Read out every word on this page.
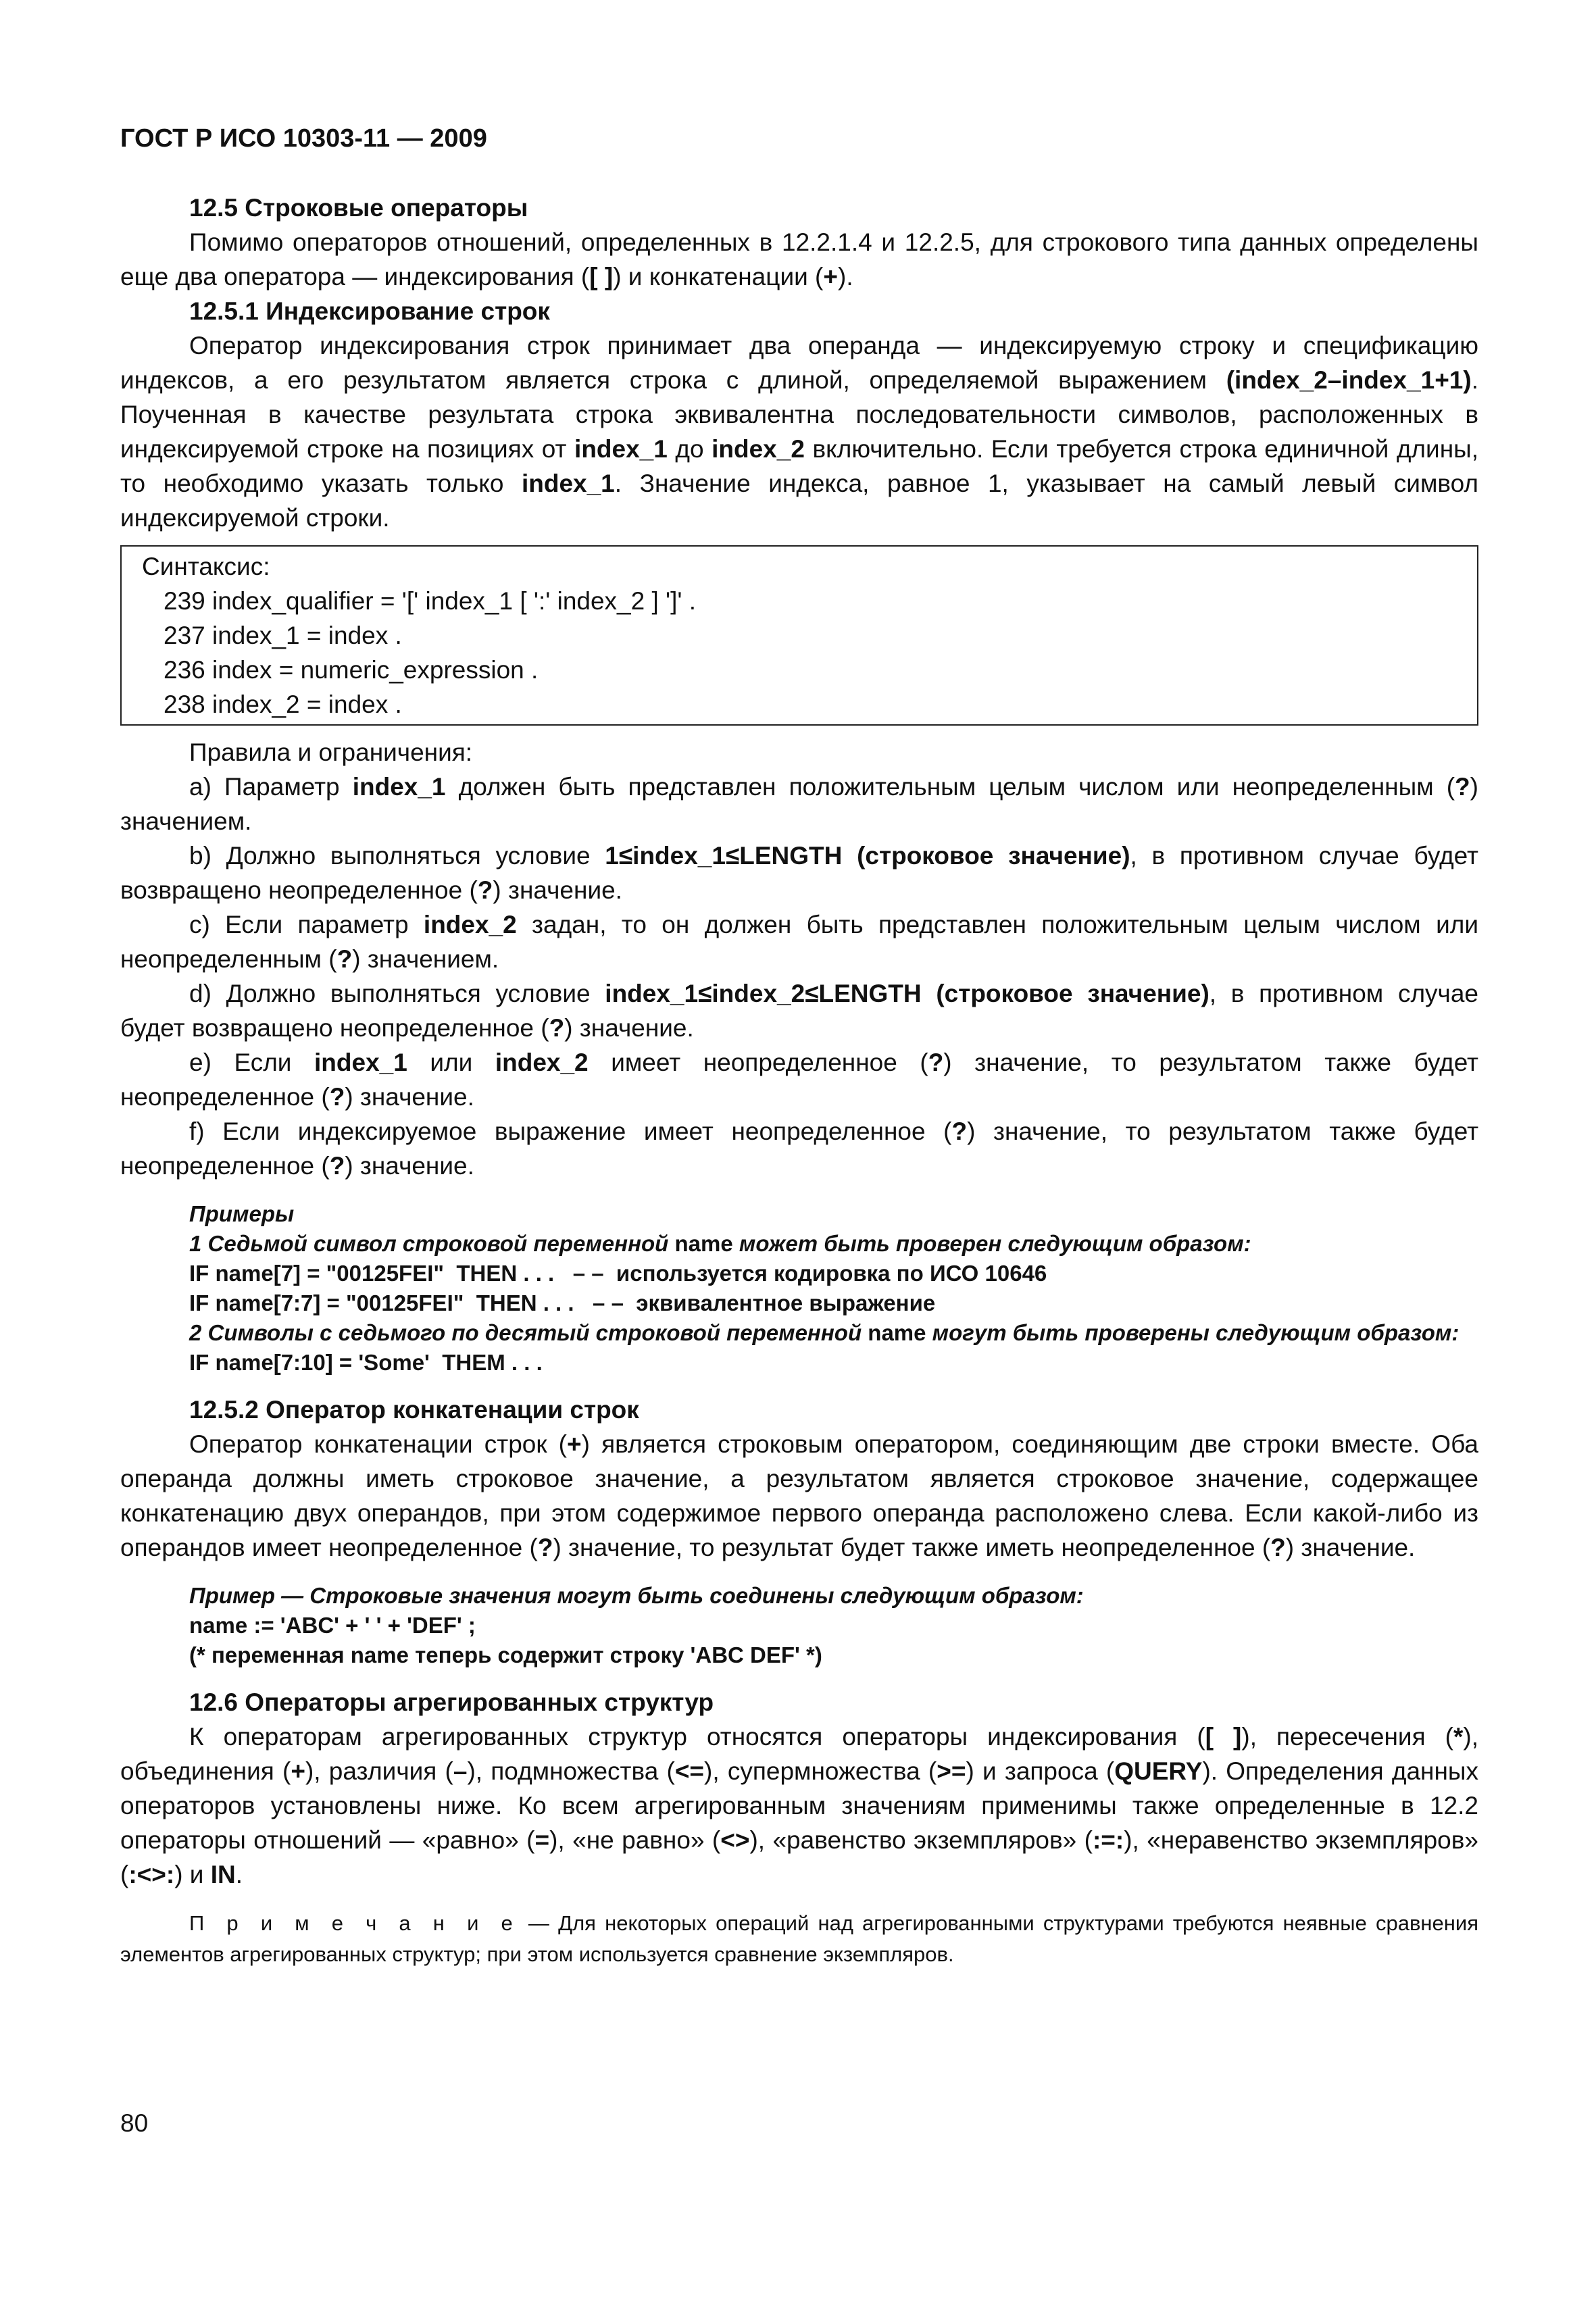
ГОСТ Р ИСО 10303-11 — 2009
12.5 Строковые операторы

Помимо операторов отношений, определенных в 12.2.1.4 и 12.2.5, для строкового типа данных определены еще два оператора — индексирования ([ ]) и конкатенации (+).

12.5.1 Индексирование строк

Оператор индексирования строк принимает два операнда — индексируемую строку и спецификацию индексов, а его результатом является строка с длиной, определяемой выражением (index_2–index_1+1). Поученная в качестве результата строка эквивалентна последовательности символов, расположенных в индексируемой строке на позициях от index_1 до index_2 включительно. Если требуется строка единичной длины, то необходимо указать только index_1. Значение индекса, равное 1, указывает на самый левый символ индексируемой строки.

Синтаксис:
239 index_qualifier = '[' index_1 [ ':' index_2 ] ']' .
237 index_1 = index .
236 index = numeric_expression .
238 index_2 = index .

Правила и ограничения:

a) Параметр index_1 должен быть представлен положительным целым числом или неопределенным (?) значением.

b) Должно выполняться условие 1≤index_1≤LENGTH (строковое значение), в противном случае будет возвращено неопределенное (?) значение.

c) Если параметр index_2 задан, то он должен быть представлен положительным целым числом или неопределенным (?) значением.

d) Должно выполняться условие index_1≤index_2≤LENGTH (строковое значение), в противном случае будет возвращено неопределенное (?) значение.

e) Если index_1 или index_2 имеет неопределенное (?) значение, то результатом также будет неопределенное (?) значение.

f) Если индексируемое выражение имеет неопределенное (?) значение, то результатом также будет неопределенное (?) значение.

Примеры

1 Седьмой символ строковой переменной name может быть проверен следующим образом:

IF name[7] = "00125FEI"  THEN . . .   – –  используется кодировка по ИСО 10646
IF name[7:7] = "00125FEI"  THEN . . .   – –  эквивалентное выражение

2 Символы с седьмого по десятый строковой переменной name могут быть проверены следующим образом:

IF name[7:10] = 'Some'  THEM . . .
12.5.2 Оператор конкатенации строк

Оператор конкатенации строк (+) является строковым оператором, соединяющим две строки вместе. Оба операнда должны иметь строковое значение, а результатом является строковое значение, содержащее конкатенацию двух операндов, при этом содержимое первого операнда расположено слева. Если какой-либо из операндов имеет неопределенное (?) значение, то результат будет также иметь неопределенное (?) значение.

Пример — Строковые значения могут быть соединены следующим образом:

name := 'ABC' + ' ' + 'DEF' ;
(* переменная name теперь содержит строку 'ABC DEF' *)
12.6 Операторы агрегированных структур

К операторам агрегированных структур относятся операторы индексирования ([ ]), пересечения (*), объединения (+), различия (–), подмножества (<=), супермножества (>=) и запроса (QUERY). Определения данных операторов установлены ниже. Ко всем агрегированным значениям применимы также определенные в 12.2 операторы отношений — «равно» (=), «не равно» (<>), «равенство экземпляров» (:=:), «неравенство экземпляров» (:<>:) и IN.

П р и м е ч а н и е — Для некоторых операций над агрегированными структурами требуются неявные сравнения элементов агрегированных структур; при этом используется сравнение экземпляров.

80
